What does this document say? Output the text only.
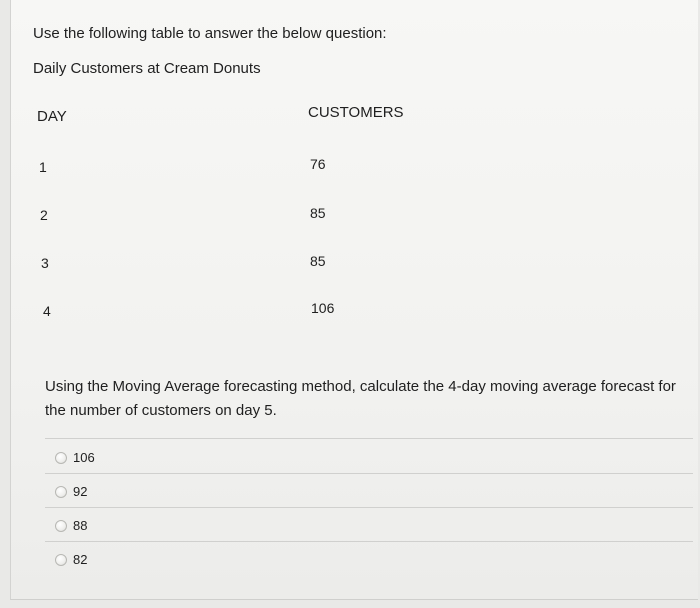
Use the following table to answer the below question:
Daily Customers at Cream Donuts
DAY	CUSTOMERS
1	76
2	85
3	85
4	106
Using the Moving Average forecasting method, calculate the 4-day moving average forecast for the number of customers on day 5.
106
92
88
82
